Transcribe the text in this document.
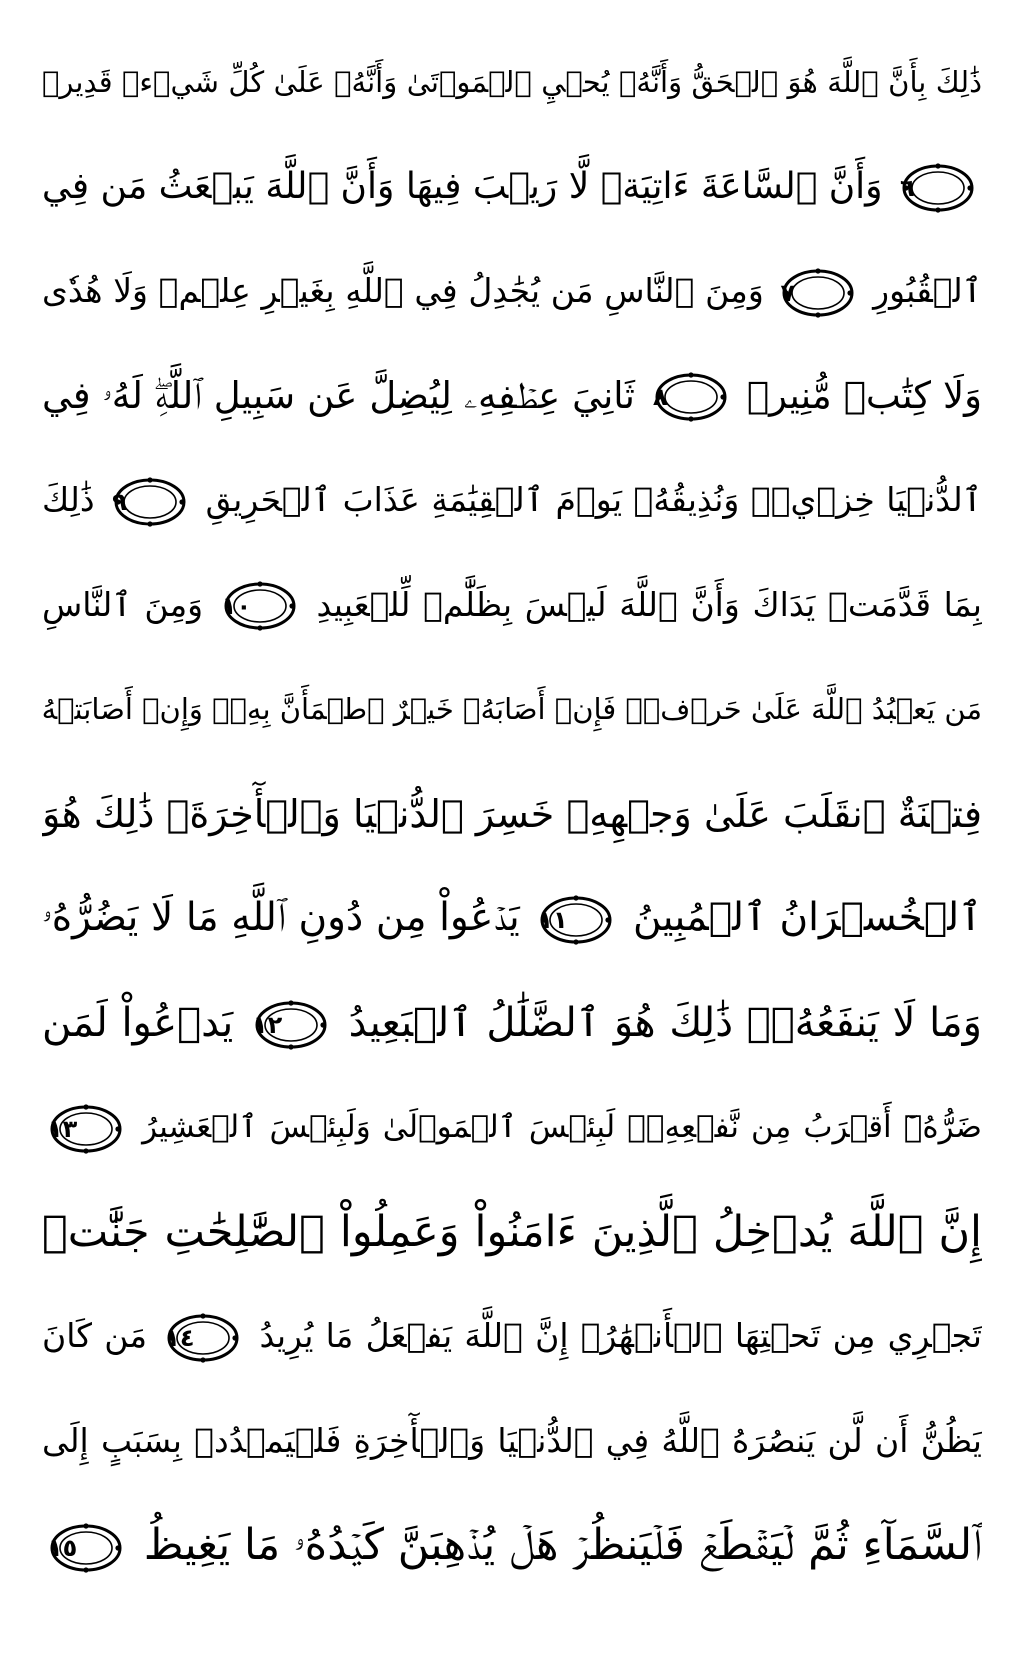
ذَٰلِكَ بِأَنَّ ٱللَّهَ هُوَ ٱلۡحَقُّ وَأَنَّهُۥ يُحۡيِ ٱلۡمَوۡتَىٰ وَأَنَّهُۥ عَلَىٰ كُلِّ شَيۡءٖ قَدِيرٞ
٦
وَأَنَّ ٱلسَّاعَةَ ءَاتِيَةٞ لَّا رَيۡبَ فِيهَا وَأَنَّ ٱللَّهَ يَبۡعَثُ مَن فِي
ٱلۡقُبُورِ
٧
وَمِنَ ٱلنَّاسِ مَن يُجَٰدِلُ فِي ٱللَّهِ بِغَيۡرِ عِلۡمٖ وَلَا هُدٗى
وَلَا كِتَٰبٖ مُّنِيرٖ
٨
ثَانِيَ عِطۡفِهِۦ لِيُضِلَّ عَن سَبِيلِ ٱللَّهِۖ لَهُۥ فِي
ٱلدُّنۡيَا خِزۡيٞۖ وَنُذِيقُهُۥ يَوۡمَ ٱلۡقِيَٰمَةِ عَذَابَ ٱلۡحَرِيقِ
٩
ذَٰلِكَ
بِمَا قَدَّمَتۡ يَدَاكَ وَأَنَّ ٱللَّهَ لَيۡسَ بِظَلَّٰمٖ لِّلۡعَبِيدِ
١٠
وَمِنَ ٱلنَّاسِ
مَن يَعۡبُدُ ٱللَّهَ عَلَىٰ حَرۡفٖۖ فَإِنۡ أَصَابَهُۥ خَيۡرٌ ٱطۡمَأَنَّ بِهِۦۖ وَإِنۡ أَصَابَتۡهُ
فِتۡنَةٌ ٱنقَلَبَ عَلَىٰ وَجۡهِهِۦ خَسِرَ ٱلدُّنۡيَا وَٱلۡأٓخِرَةَۚ ذَٰلِكَ هُوَ
ٱلۡخُسۡرَانُ ٱلۡمُبِينُ
١١
يَدۡعُواْ مِن دُونِ ٱللَّهِ مَا لَا يَضُرُّهُۥ
وَمَا لَا يَنفَعُهُۥۚ ذَٰلِكَ هُوَ ٱلضَّلَٰلُ ٱلۡبَعِيدُ
١٢
يَدۡعُواْ لَمَن
ضَرُّهُۥٓ أَقۡرَبُ مِن نَّفۡعِهِۦۚ لَبِئۡسَ ٱلۡمَوۡلَىٰ وَلَبِئۡسَ ٱلۡعَشِيرُ
١٣
إِنَّ ٱللَّهَ يُدۡخِلُ ٱلَّذِينَ ءَامَنُواْ وَعَمِلُواْ ٱلصَّٰلِحَٰتِ جَنَّٰتٖ
تَجۡرِي مِن تَحۡتِهَا ٱلۡأَنۡهَٰرُۚ إِنَّ ٱللَّهَ يَفۡعَلُ مَا يُرِيدُ
١٤
مَن كَانَ
يَظُنُّ أَن لَّن يَنصُرَهُ ٱللَّهُ فِي ٱلدُّنۡيَا وَٱلۡأٓخِرَةِ فَلۡيَمۡدُدۡ بِسَبَبٍ إِلَى
ٱلسَّمَآءِ ثُمَّ لۡيَقۡطَعۡ فَلۡيَنظُرۡ هَلۡ يُذۡهِبَنَّ كَيۡدُهُۥ مَا يَغِيظُ
١٥
